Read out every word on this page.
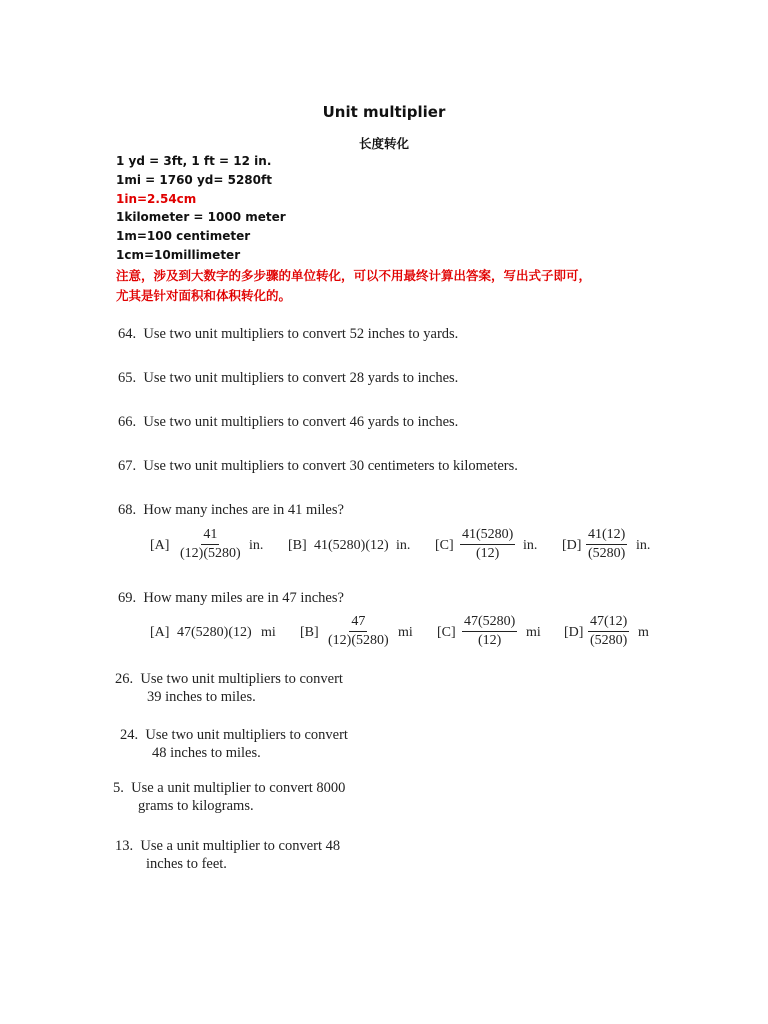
Unit multiplier
长度转化
1 yd = 3ft, 1 ft = 12 in.
1mi = 1760 yd= 5280ft
1in=2.54cm
1kilometer = 1000 meter
1m=100 centimeter
1cm=10millimeter
注意，涉及到大数字的多步骤的单位转化，可以不用最终计算出答案，写出式子即可，
尤其是针对面积和体积转化的。
64. Use two unit multipliers to convert 52 inches to yards.
65. Use two unit multipliers to convert 28 yards to inches.
66. Use two unit multipliers to convert 46 yards to inches.
67. Use two unit multipliers to convert 30 centimeters to kilometers.
68. How many inches are in 41 miles?
$[A] \frac{41}{(12)(5280)}$ in. [B] 41(5280)(12) in. $[C] \frac{41(5280)}{(12)}$ in. $[D] \frac{41(12)}{(5280)}$ in.
69. How many miles are in 47 inches?
[A] 47(5280)(12) mi $[B] \frac{47}{(12)(5280)}$ mi $[C] \frac{47(5280)}{(12)}$ mi $[D] \frac{47(12)}{(5280)}$ m
26. Use two unit multipliers to convert
39 inches to miles.
24. Use two unit multipliers to convert
48 inches to miles.
5. Use a unit multiplier to convert 8000
grams to kilograms.
13. Use a unit multiplier to convert 48
inches to feet.
